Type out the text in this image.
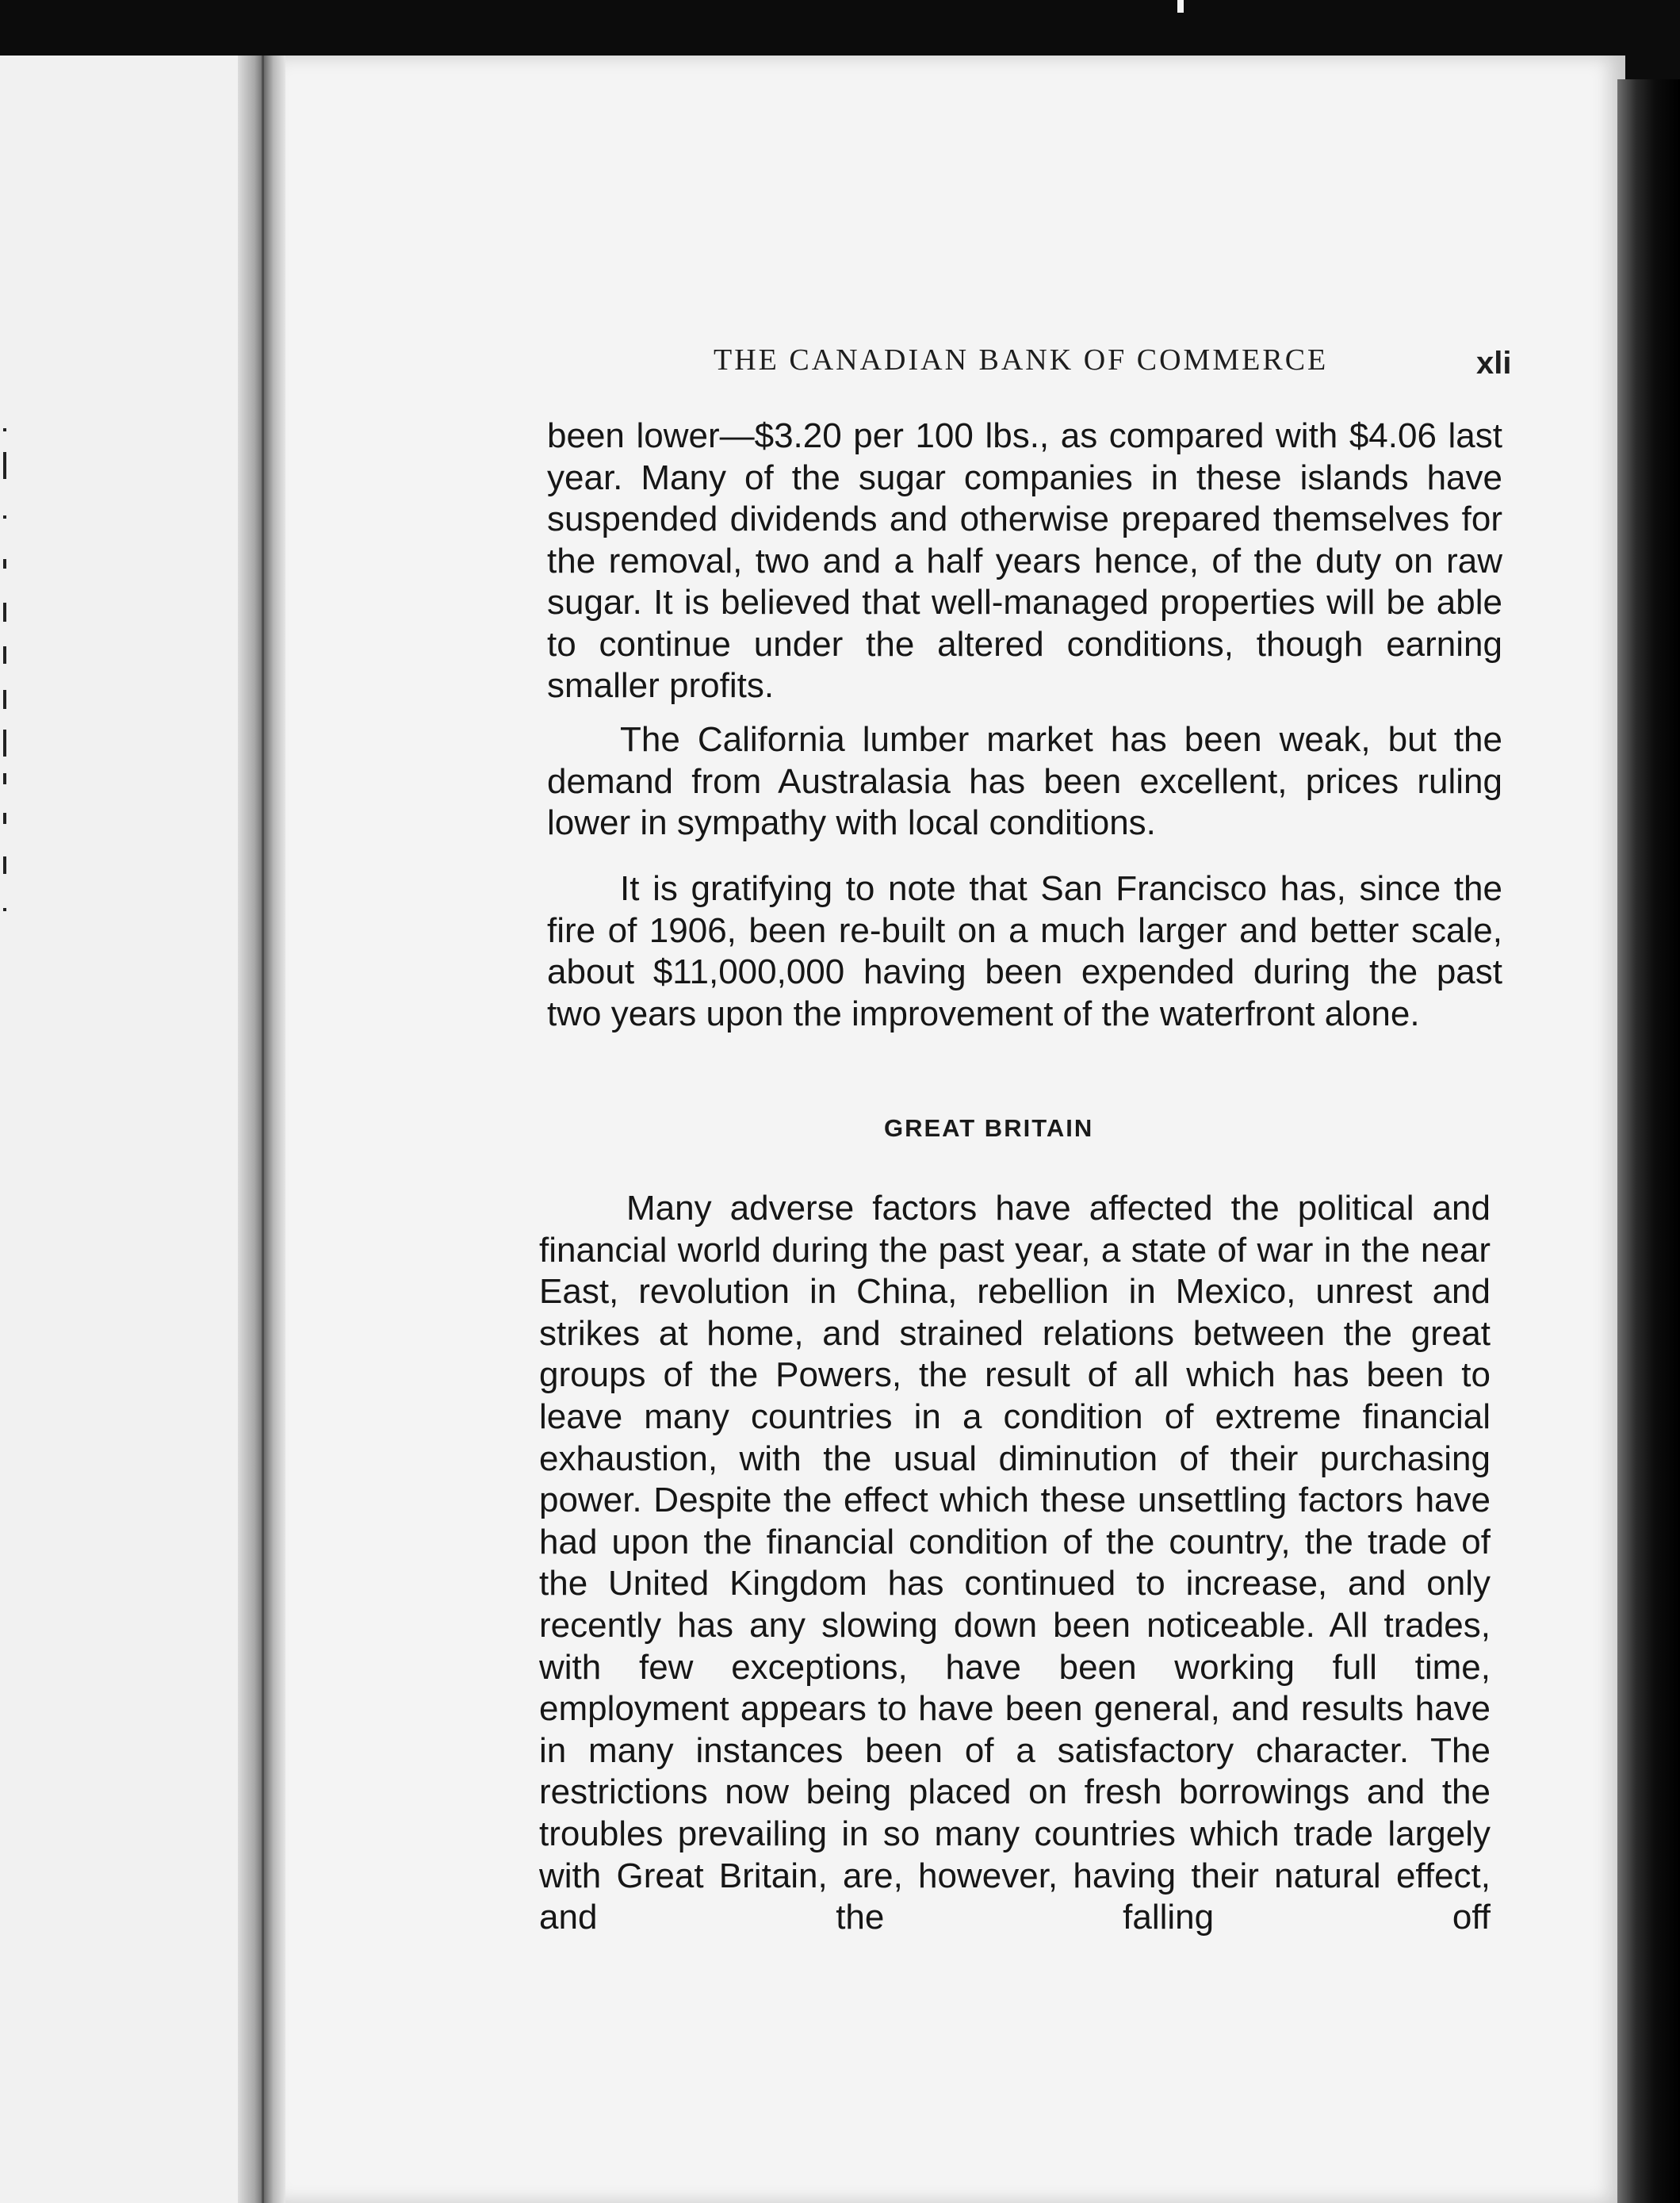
THE CANADIAN BANK OF COMMERCE	xli

been lower—$3.20 per 100 lbs., as compared with $4.06 last year. Many of the sugar companies in these islands have suspended dividends and otherwise prepared themselves for the removal, two and a half years hence, of the duty on raw sugar. It is believed that well-managed properties will be able to continue under the altered conditions, though earning smaller profits.

The California lumber market has been weak, but the demand from Australasia has been excellent, prices ruling lower in sympathy with local conditions.

It is gratifying to note that San Francisco has, since the fire of 1906, been re-built on a much larger and better scale, about $11,000,000 having been expended during the past two years upon the improvement of the waterfront alone.

GREAT BRITAIN

Many adverse factors have affected the political and financial world during the past year, a state of war in the near East, revolution in China, rebellion in Mexico, unrest and strikes at home, and strained relations between the great groups of the Powers, the result of all which has been to leave many countries in a condition of extreme financial exhaustion, with the usual diminution of their purchasing power. Despite the effect which these unsettling factors have had upon the financial condition of the country, the trade of the United Kingdom has continued to increase, and only recently has any slowing down been noticeable. All trades, with few exceptions, have been working full time, employment appears to have been general, and results have in many instances been of a satisfactory character. The restrictions now being placed on fresh borrowings and the troubles prevailing in so many countries which trade largely with Great Britain, are, however, having their natural effect, and the falling off
